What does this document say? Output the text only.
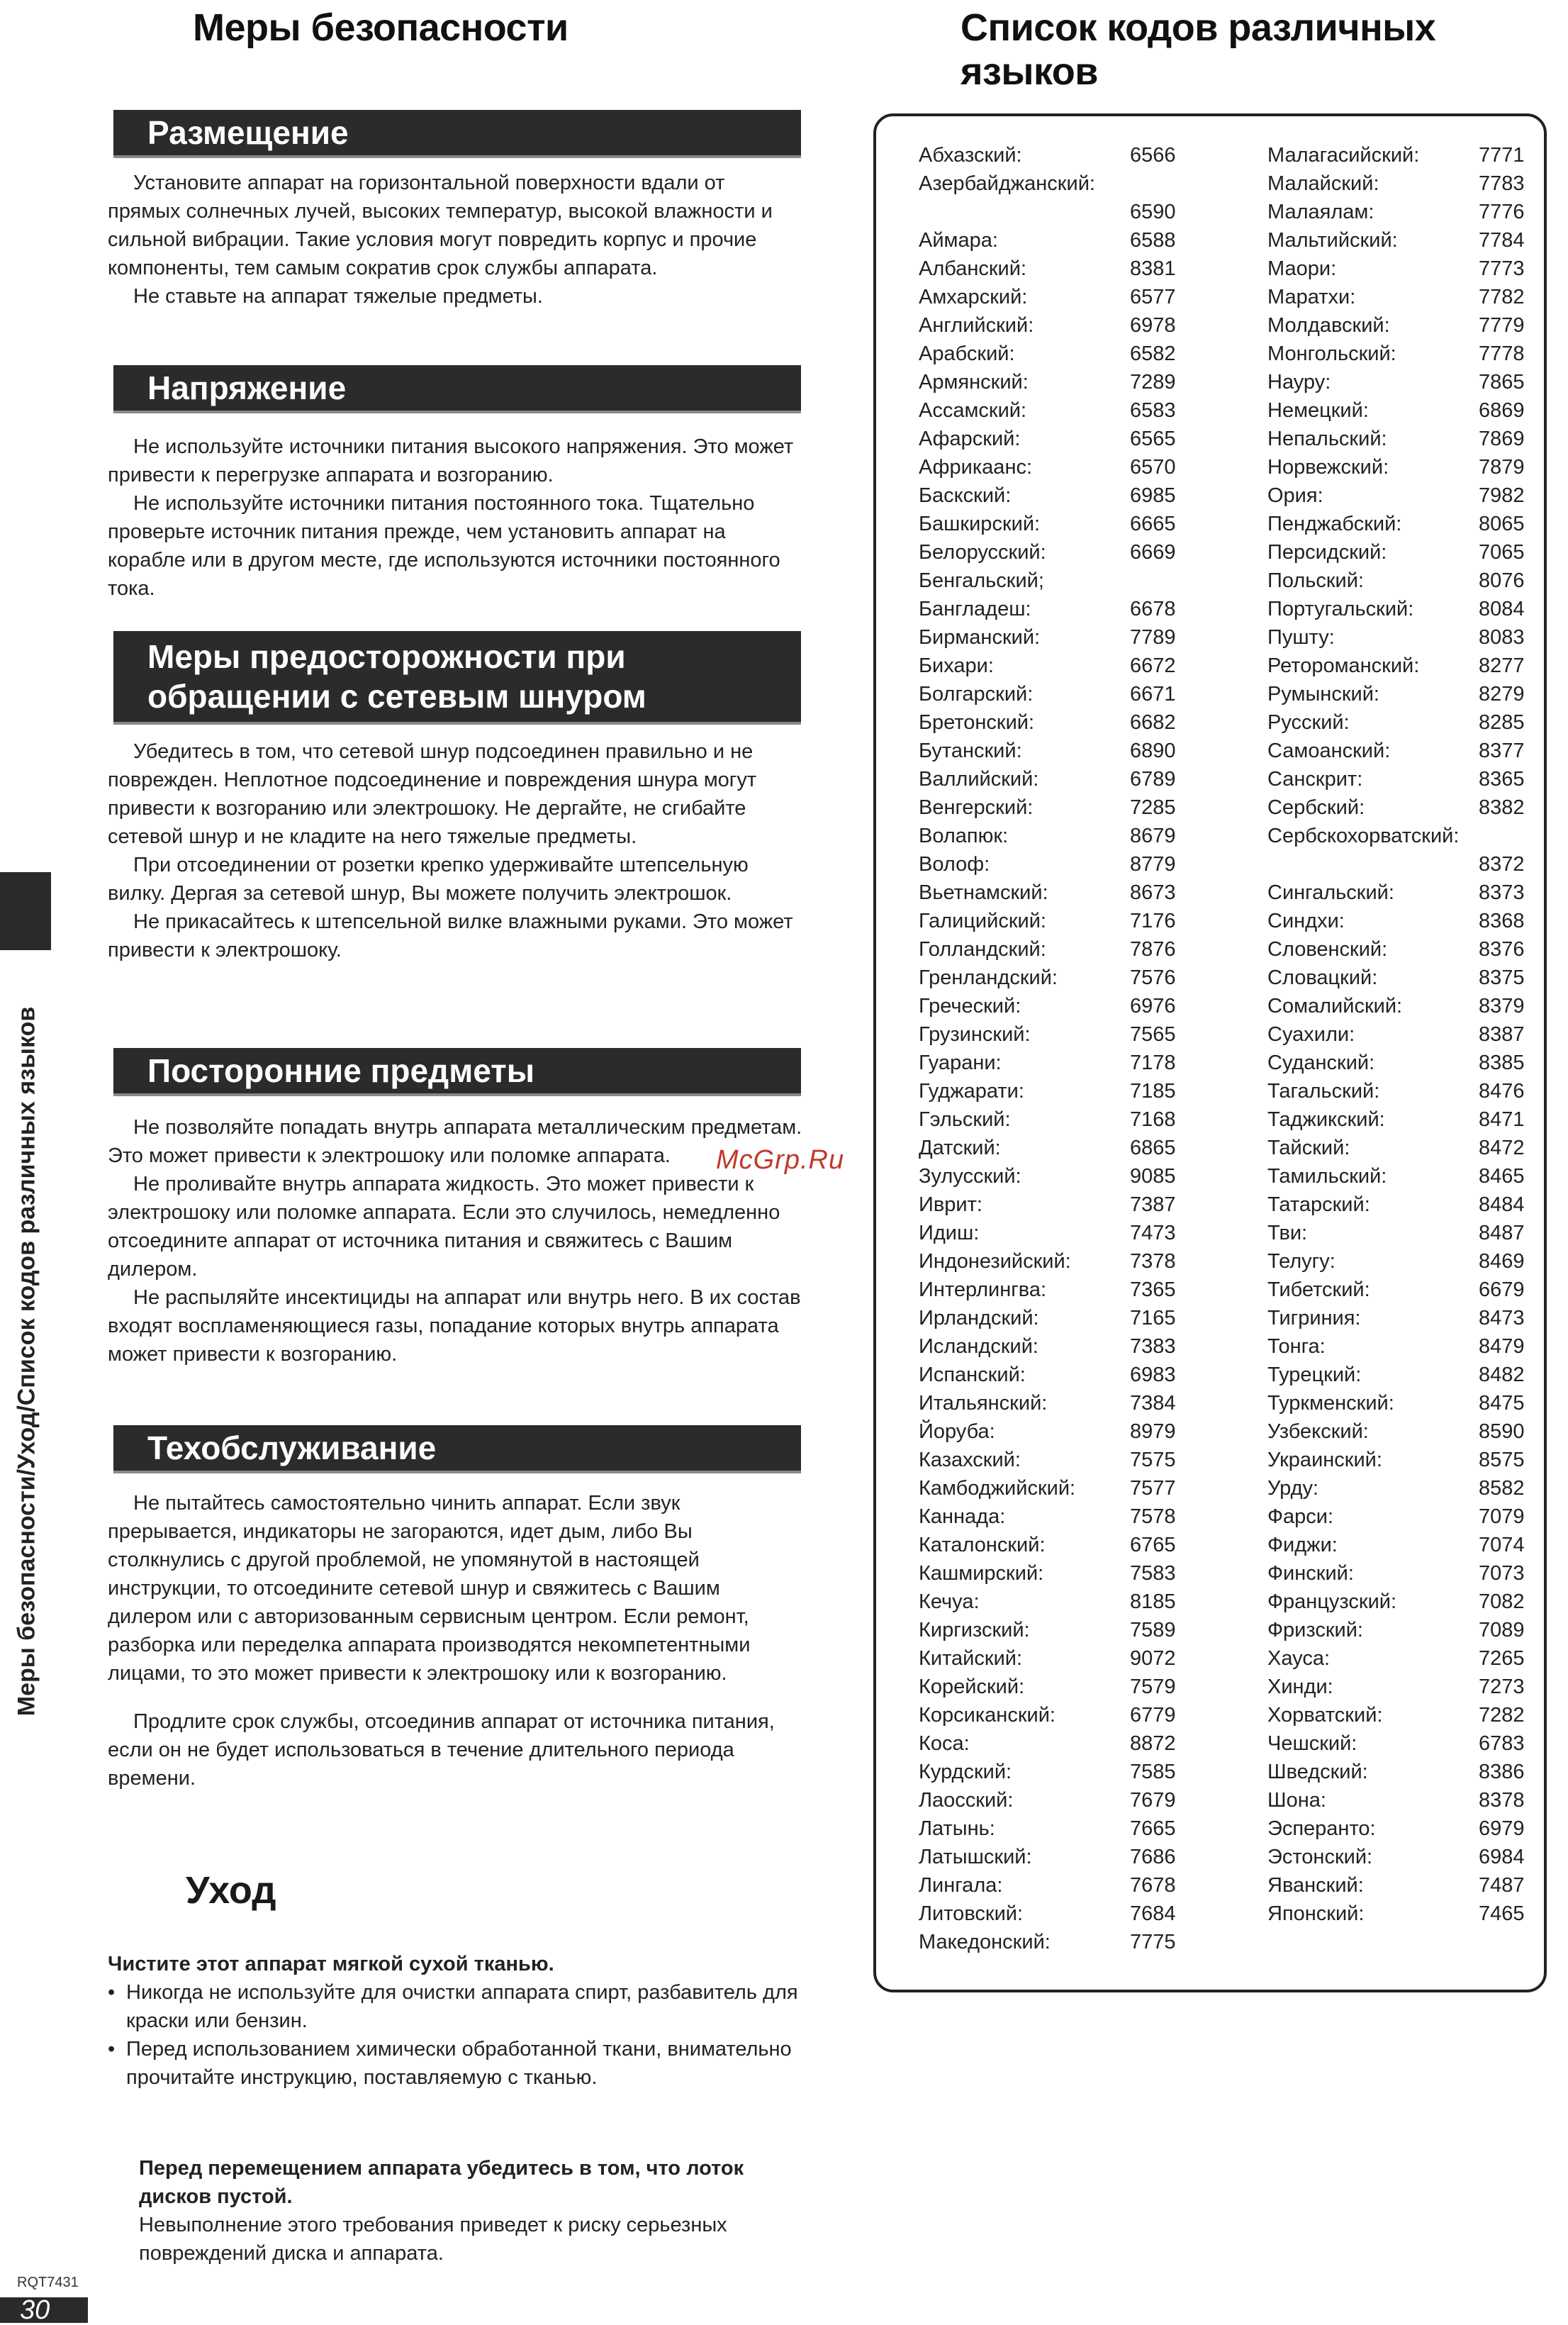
Меры безопасности	Список кодов различных языков
Размещение

Установите аппарат на горизонтальной поверхности вдали от прямых солнечных лучей, высоких температур, высокой влажности и сильной вибрации. Такие условия могут повредить корпус и прочие компоненты, тем самым сократив срок службы аппарата.

Не ставьте на аппарат тяжелые предметы.

Напряжение

Не используйте источники питания высокого напряжения. Это может привести к перегрузке аппарата и возгоранию.

Не используйте источники питания постоянного тока. Тщательно проверьте источник питания прежде, чем установить аппарат на корабле или в другом месте, где используются источники постоянного тока.

Меры предосторожности при обращении с сетевым шнуром

Убедитесь в том, что сетевой шнур подсоединен правильно и не поврежден. Неплотное подсоединение и повреждения шнура могут привести к возгоранию или электрошоку. Не дергайте, не сгибайте сетевой шнур и не кладите на него тяжелые предметы.

При отсоединении от розетки крепко удерживайте штепсельную вилку. Дергая за сетевой шнур, Вы можете получить электрошок.

Не прикасайтесь к штепсельной вилке влажными руками. Это может привести к электрошоку.

Посторонние предметы

Не позволяйте попадать внутрь аппарата металлическим предметам. Это может привести к электрошоку или поломке аппарата.

Не проливайте внутрь аппарата жидкость. Это может привести к электрошоку или поломке аппарата. Если это случилось, немедленно отсоедините аппарат от источника питания и свяжитесь с Вашим дилером.

Не распыляйте инсектициды на аппарат или внутрь него. В их состав входят воспламеняющиеся газы, попадание которых внутрь аппарата может привести к возгоранию.

Техобслуживание

Не пытайтесь самостоятельно чинить аппарат. Если звук прерывается, индикаторы не загораются, идет дым, либо Вы столкнулись с другой проблемой, не упомянутой в настоящей инструкции, то отсоедините сетевой шнур и свяжитесь с Вашим дилером или с авторизованным сервисным центром. Если ремонт, разборка или переделка аппарата производятся некомпетентными лицами, то это может привести к электрошоку или к возгоранию.

Продлите срок службы, отсоединив аппарат от источника питания, если он не будет использоваться в течение длительного периода времени.

Уход

Чистите этот аппарат мягкой сухой тканью.

• Никогда не используйте для очистки аппарата спирт, разбавитель для краски или бензин.

• Перед использованием химически обработанной ткани, внимательно прочитайте инструкцию, поставляемую с тканью.

Перед перемещением аппарата убедитесь в том, что лоток дисков пустой.

Невыполнение этого требования приведет к риску серьезных повреждений диска и аппарата.

Меры безопасности/Уход/Список кодов различных языков
RQT7431
30
Абхазский:	6566
Азербайджанский:
6590
Аймара:	6588
Албанский:	8381
Амхарский:	6577
Английский:	6978
Арабский:	6582
Армянский:	7289
Ассамский:	6583
Афарский:	6565
Африкаанс:	6570
Баскский:	6985
Башкирский:	6665
Белорусский:	6669
Бенгальский;
Бангладеш:	6678
Бирманский:	7789
Бихари:	6672
Болгарский:	6671
Бретонский:	6682
Бутанский:	6890
Валлийский:	6789
Венгерский:	7285
Волапюк:	8679
Волоф:	8779
Вьетнамский:	8673
Галицийский:	7176
Голландский:	7876
Гренландский:	7576
Греческий:	6976
Грузинский:	7565
Гуарани:	7178
Гуджарати:	7185
Гэльский:	7168
Датский:	6865
Зулусский:	9085
Иврит:	7387
Идиш:	7473
Индонезийский:	7378
Интерлингва:	7365
Ирландский:	7165
Исландский:	7383
Испанский:	6983
Итальянский:	7384
Йоруба:	8979
Казахский:	7575
Камбоджийский:	7577
Каннада:	7578
Каталонский:	6765
Кашмирский:	7583
Кечуа:	8185
Киргизский:	7589
Китайский:	9072
Корейский:	7579
Корсиканский:	6779
Коса:	8872
Курдский:	7585
Лаосский:	7679
Латынь:	7665
Латышский:	7686
Лингала:	7678
Литовский:	7684
Македонский:	7775
Малагасийский:	7771
Малайский:	7783
Малаялам:	7776
Мальтийский:	7784
Маори:	7773
Маратхи:	7782
Молдавский:	7779
Монгольский:	7778
Науру:	7865
Немецкий:	6869
Непальский:	7869
Норвежский:	7879
Ория:	7982
Пенджабский:	8065
Персидский:	7065
Польский:	8076
Португальский:	8084
Пушту:	8083
Ретороманский:	8277
Румынский:	8279
Русский:	8285
Самоанский:	8377
Санскрит:	8365
Сербский:	8382
Сербскохорватский:
8372
Сингальский:	8373
Синдхи:	8368
Словенский:	8376
Словацкий:	8375
Сомалийский:	8379
Суахили:	8387
Суданский:	8385
Тагальский:	8476
Таджикский:	8471
Тайский:	8472
Тамильский:	8465
Татарский:	8484
Тви:	8487
Телугу:	8469
Тибетский:	6679
Тигриния:	8473
Тонга:	8479
Турецкий:	8482
Туркменский:	8475
Узбекский:	8590
Украинский:	8575
Урду:	8582
Фарси:	7079
Фиджи:	7074
Финский:	7073
Французский:	7082
Фризский:	7089
Хауса:	7265
Хинди:	7273
Хорватский:	7282
Чешский:	6783
Шведский:	8386
Шона:	8378
Эсперанто:	6979
Эстонский:	6984
Яванский:	7487
Японский:	7465
McGrp.Ru
